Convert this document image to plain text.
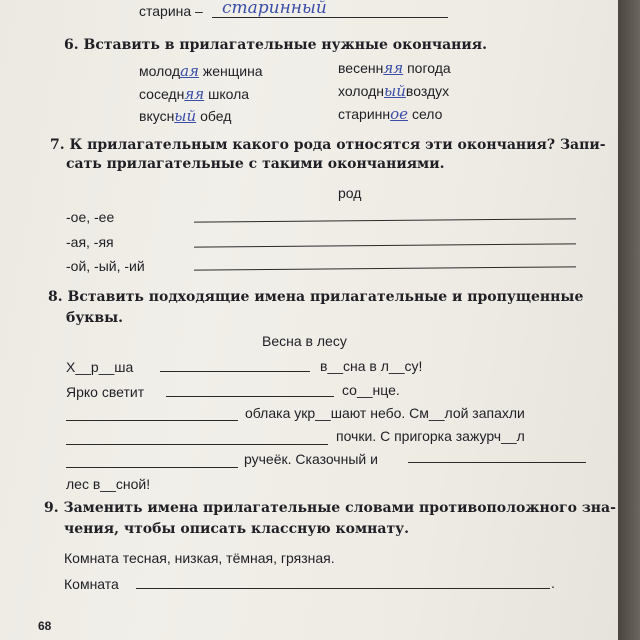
старина – старинный
6. Вставить в прилагательные нужные окончания.
молодая женщина	весенняя погода
соседняя школа	холодныйвоздух
вкусный обед	старинное село
7. К прилагательным какого рода относятся эти окончания? Запи-
сать прилагательные с такими окончаниями.
род
-ое, -ее
-ая, -яя
-ой, -ый, -ий
8. Вставить подходящие имена прилагательные и пропущенные
буквы.
Весна в лесу
Х__р__ша	в__сна в л__су!
Ярко светит	со__нце.
облака укр__шают небо. См__лой запахли
почки. С пригорка зажурч__л
ручеёк. Сказочный и
лес в__сной!
9. Заменить имена прилагательные словами противоположного зна-
чения, чтобы описать классную комнату.
Комната тесная, низкая, тёмная, грязная.
Комната	.
68
